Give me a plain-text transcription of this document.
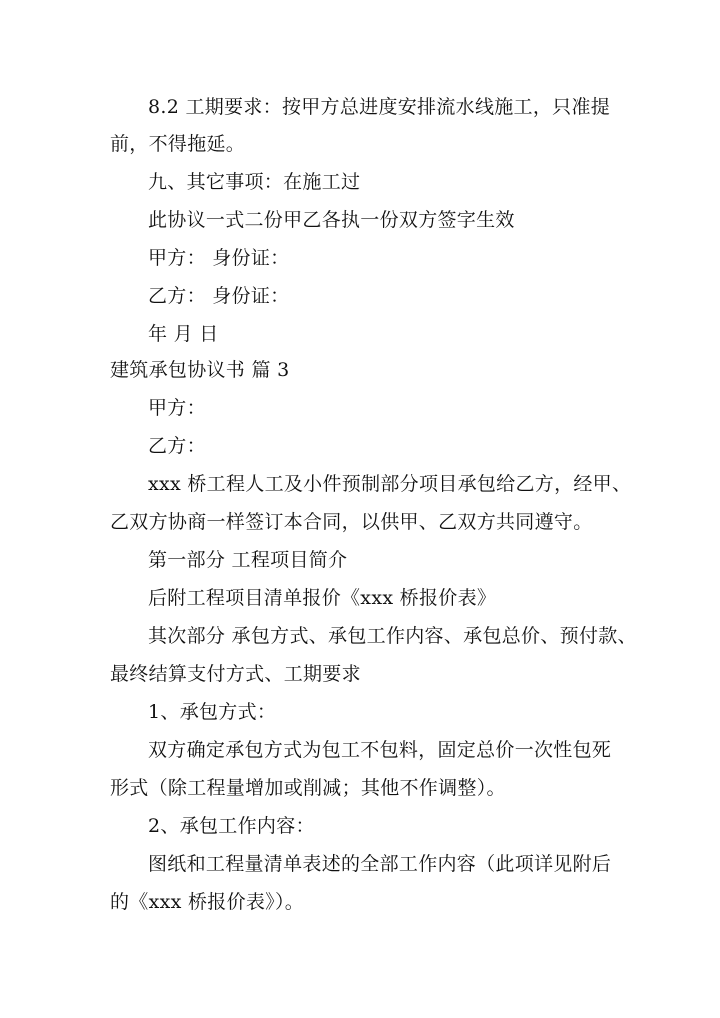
8.2 工期要求：按甲方总进度安排流水线施工，只准提
前，不得拖延。
九、其它事项：在施工过
此协议一式二份甲乙各执一份双方签字生效
甲方： 身份证：
乙方： 身份证：
年 月 日
建筑承包协议书 篇 3
甲方：
乙方：
xxx 桥工程人工及小件预制部分项目承包给乙方，经甲、
乙双方协商一样签订本合同，以供甲、乙双方共同遵守。
第一部分 工程项目简介
后附工程项目清单报价《xxx 桥报价表》
其次部分 承包方式、承包工作内容、承包总价、预付款、
最终结算支付方式、工期要求
1、承包方式：
双方确定承包方式为包工不包料，固定总价一次性包死
形式（除工程量增加或削减；其他不作调整）。
2、承包工作内容：
图纸和工程量清单表述的全部工作内容（此项详见附后
的《xxx 桥报价表》）。
